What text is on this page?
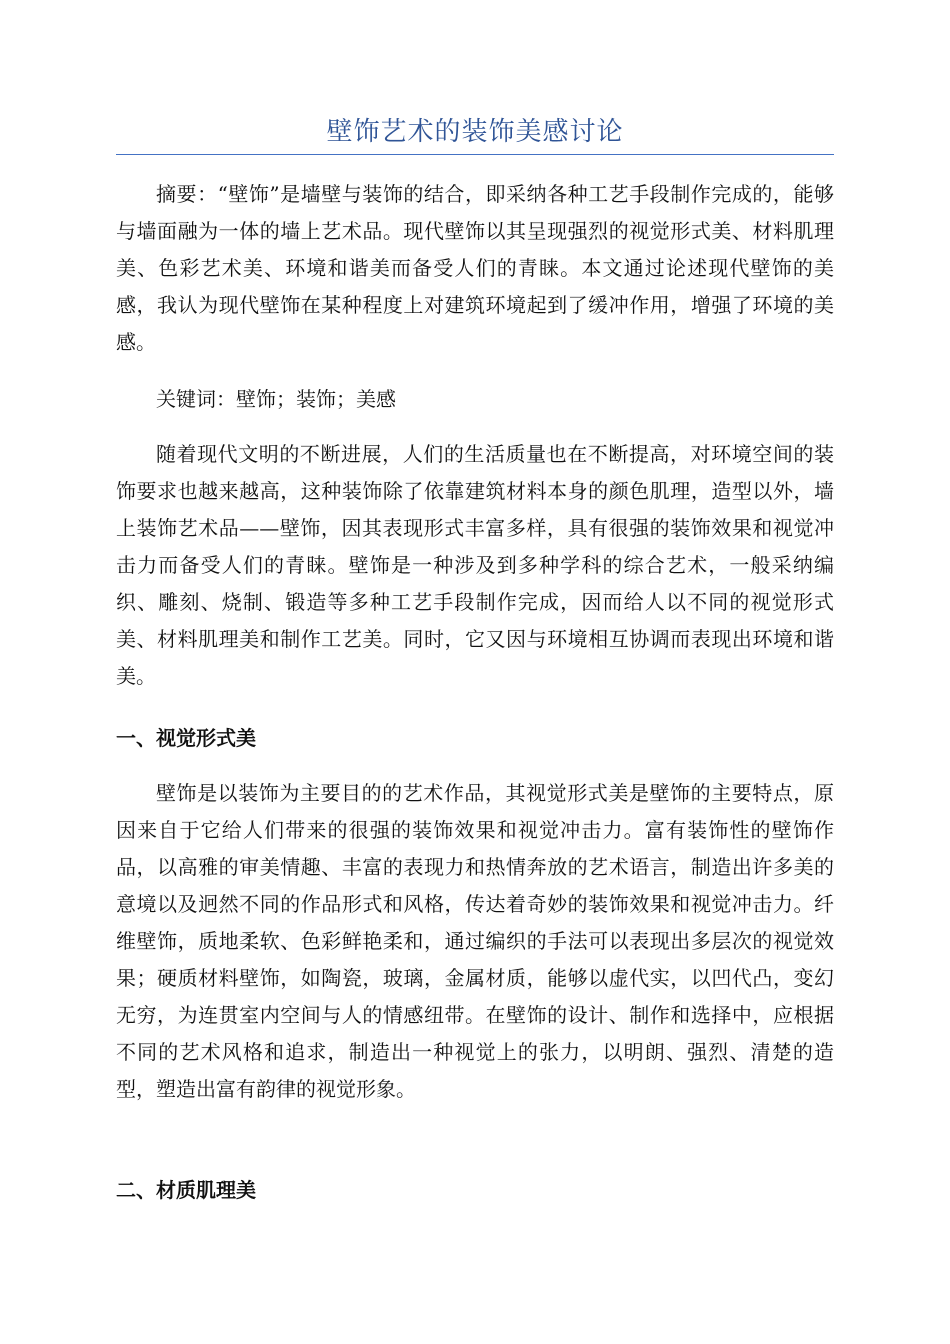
壁饰艺术的装饰美感讨论

摘要：“壁饰”是墙壁与装饰的结合，即采纳各种工艺手段制作完成的，能够与墙面融为一体的墙上艺术品。现代壁饰以其呈现强烈的视觉形式美、材料肌理美、色彩艺术美、环境和谐美而备受人们的青睐。本文通过论述现代壁饰的美感，我认为现代壁饰在某种程度上对建筑环境起到了缓冲作用，增强了环境的美感。

关键词：壁饰；装饰；美感

随着现代文明的不断进展，人们的生活质量也在不断提高，对环境空间的装饰要求也越来越高，这种装饰除了依靠建筑材料本身的颜色肌理，造型以外，墙上装饰艺术品——壁饰，因其表现形式丰富多样，具有很强的装饰效果和视觉冲击力而备受人们的青睐。壁饰是一种涉及到多种学科的综合艺术，一般采纳编织、雕刻、烧制、锻造等多种工艺手段制作完成，因而给人以不同的视觉形式美、材料肌理美和制作工艺美。同时，它又因与环境相互协调而表现出环境和谐美。

一、视觉形式美

壁饰是以装饰为主要目的的艺术作品，其视觉形式美是壁饰的主要特点，原因来自于它给人们带来的很强的装饰效果和视觉冲击力。富有装饰性的壁饰作品，以高雅的审美情趣、丰富的表现力和热情奔放的艺术语言，制造出许多美的意境以及迥然不同的作品形式和风格，传达着奇妙的装饰效果和视觉冲击力。纤维壁饰，质地柔软、色彩鲜艳柔和，通过编织的手法可以表现出多层次的视觉效果；硬质材料壁饰，如陶瓷，玻璃，金属材质，能够以虚代实，以凹代凸，变幻无穷，为连贯室内空间与人的情感纽带。在壁饰的设计、制作和选择中，应根据不同的艺术风格和追求，制造出一种视觉上的张力，以明朗、强烈、清楚的造型，塑造出富有韵律的视觉形象。

二、材质肌理美
